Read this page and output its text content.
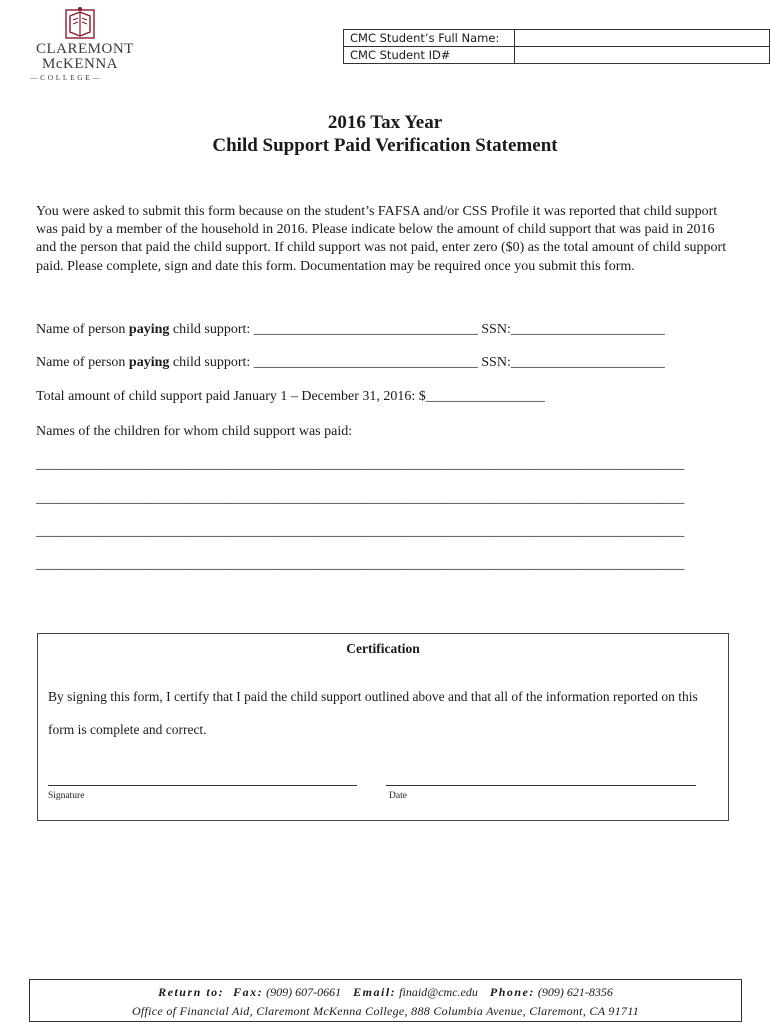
CLAREMONT
McKENNA
—COLLEGE—
CMC Student’s Full Name:	
CMC Student ID#	
2016 Tax Year
Child Support Paid Verification Statement
You were asked to submit this form because on the student’s FAFSA and/or CSS Profile it was reported that child support was paid by a member of the household in 2016. Please indicate below the amount of child support that was paid in 2016 and the person that paid the child support. If child support was not paid, enter zero ($0) as the total amount of child support paid. Please complete, sign and date this form. Documentation may be required once you submit this form.
Name of person paying child support: ________________________________ SSN:______________________
Name of person paying child support: ________________________________ SSN:______________________
Total amount of child support paid January 1 – December 31, 2016: $_________________
Names of the children for whom child support was paid:
________________________________________________________________________________________________
________________________________________________________________________________________________
________________________________________________________________________________________________
________________________________________________________________________________________________
Certification
By signing this form, I certify that I paid the child support outlined above and that all of the information reported on this
form is complete and correct.
Signature	Date
Return to: Fax: (909) 607-0661 Email: finaid@cmc.edu Phone: (909) 621-8356
Office of Financial Aid, Claremont McKenna College, 888 Columbia Avenue, Claremont, CA 91711
